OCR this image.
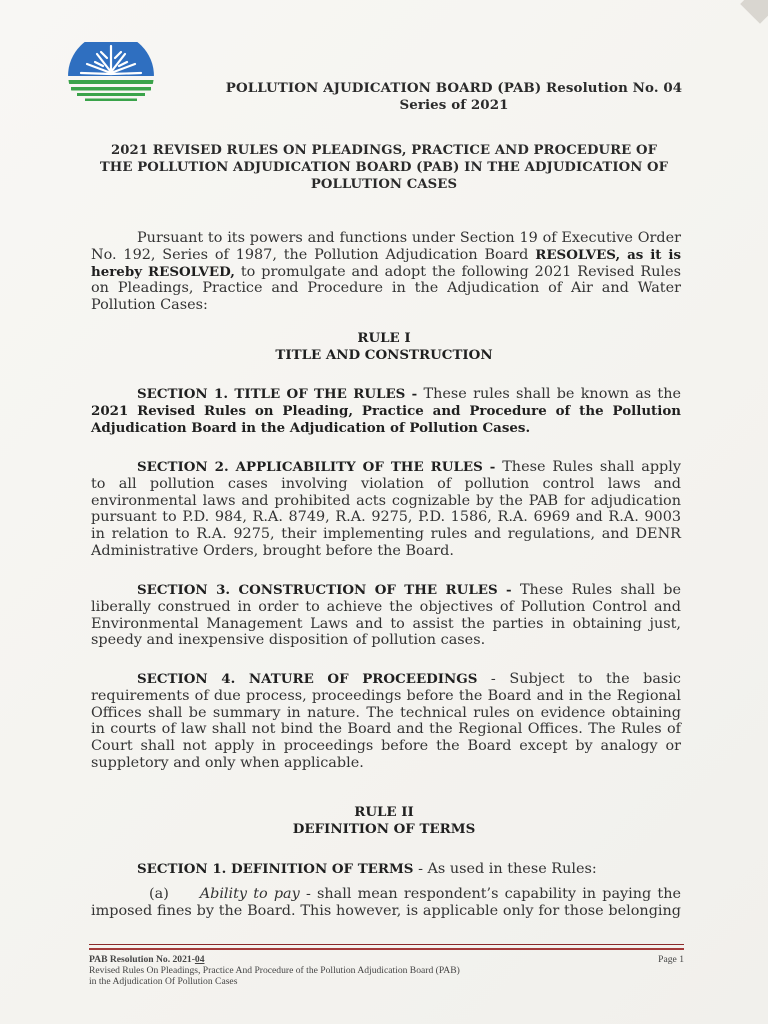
POLLUTION AJUDICATION BOARD (PAB) Resolution No. 04
Series of 2021
2021 REVISED RULES ON PLEADINGS, PRACTICE AND PROCEDURE OF
THE POLLUTION ADJUDICATION BOARD (PAB) IN THE ADJUDICATION OF
POLLUTION CASES
Pursuant to its powers and functions under Section 19 of Executive Order
No. 192, Series of 1987, the Pollution Adjudication Board RESOLVES, as it is
hereby RESOLVED, to promulgate and adopt the following 2021 Revised Rules
on Pleadings, Practice and Procedure in the Adjudication of Air and Water
Pollution Cases:
RULE I
TITLE AND CONSTRUCTION
SECTION 1. TITLE OF THE RULES - These rules shall be known as the
2021 Revised Rules on Pleading, Practice and Procedure of the Pollution
Adjudication Board in the Adjudication of Pollution Cases.
SECTION 2. APPLICABILITY OF THE RULES - These Rules shall apply
to all pollution cases involving violation of pollution control laws and
environmental laws and prohibited acts cognizable by the PAB for adjudication
pursuant to P.D. 984, R.A. 8749, R.A. 9275, P.D. 1586, R.A. 6969 and R.A. 9003
in relation to R.A. 9275, their implementing rules and regulations, and DENR
Administrative Orders, brought before the Board.
SECTION 3. CONSTRUCTION OF THE RULES - These Rules shall be
liberally construed in order to achieve the objectives of Pollution Control and
Environmental Management Laws and to assist the parties in obtaining just,
speedy and inexpensive disposition of pollution cases.
SECTION 4. NATURE OF PROCEEDINGS - Subject to the basic
requirements of due process, proceedings before the Board and in the Regional
Offices shall be summary in nature. The technical rules on evidence obtaining
in courts of law shall not bind the Board and the Regional Offices. The Rules of
Court shall not apply in proceedings before the Board except by analogy or
suppletory and only when applicable.
RULE II
DEFINITION OF TERMS
SECTION 1. DEFINITION OF TERMS - As used in these Rules:
(a) Ability to pay - shall mean respondent’s capability in paying the
imposed fines by the Board. This however, is applicable only for those belonging
PAB Resolution No. 2021-04
Revised Rules On Pleadings, Practice And Procedure of the Pollution Adjudication Board (PAB)
in the Adjudication Of Pollution Cases
Page 1
